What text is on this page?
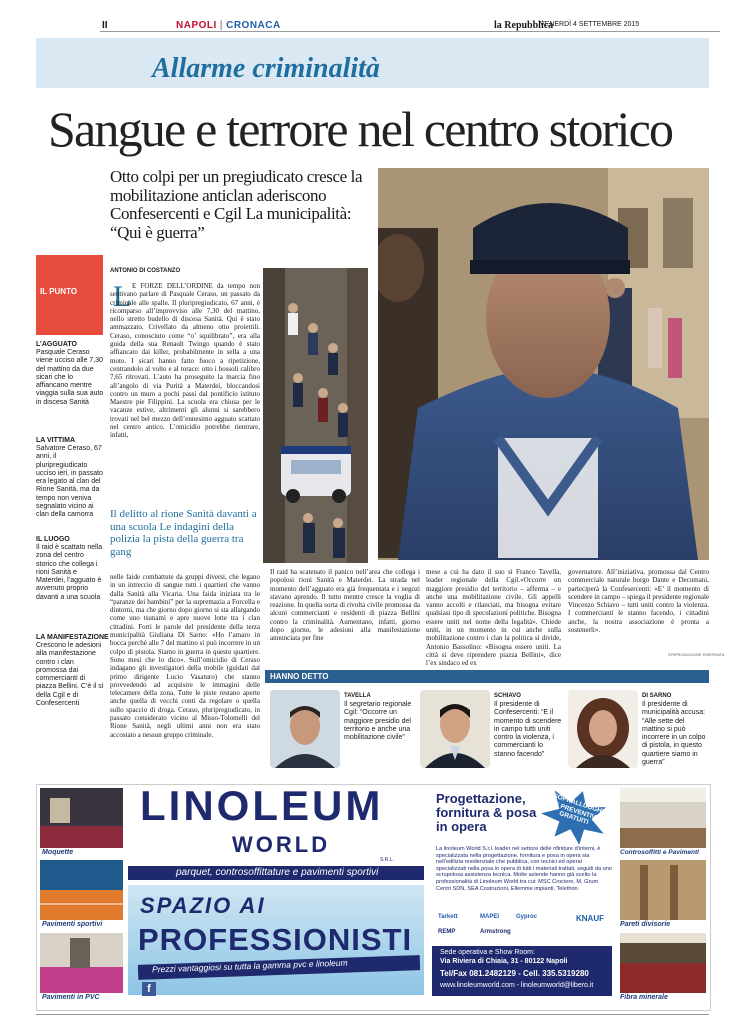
II	NAPOLI | CRONACA	la Repubblica
VENERDÌ 4 SETTEMBRE 2015
Allarme criminalità
Sangue e terrore nel centro storico
Otto colpi per un pregiudicato cresce la mobilitazione anticlan aderiscono Confesercenti e Cgil La municipalità: “Qui è guerra”
IL PUNTO
L’AGGUATO
Pasquale Ceraso viene ucciso alle 7,30 del mattino da due sicari che lo affiancano mentre viaggia sulla sua auto in discesa Sanità
LA VITTIMA
Salvatore Ceraso, 67 anni, il pluripregiudicato ucciso ieri, in passato era legato al clan del Rione Sanità, ma da tempo non veniva segnalato vicino ai clan della camorra
IL LUOGO
Il raid è scattato nella zona del centro storico che collega i rioni Sanità e Materdei, l’agguato è avvenuto proprio davanti a una scuola
LA MANIFESTAZIONE
Crescono le adesioni alla manifestazione contro i clan promossa dai commercianti di piazza Bellini. C’è il sì della Cgil e di Confesercenti
ANTONIO DI COSTANZO
L E FORZE DELL’ORDINE da tempo non sentivano parlare di Pasquale Ceraso, un passato da criminale alle spalle. Il pluripregiudicato, 67 anni, è ricomparso all’improvviso alle 7,30 del mattino, nello stretto budello di discesa Sanità. Qui è stato ammazzato. Crivellato da almeno otto proiettili. Ceraso, conosciuto come “o’ squilibrato”, era alla guida della sua Renault Twingo quando è stato affiancato dai killer, probabilmente in sella a una moto. I sicari hanno fatto fuoco a ripetizione, centrandolo al volto e al torace: otto i bossoli calibro 7,65 ritrovati. L’auto ha proseguito la marcia fino all’angolo di via Purità a Materdei, bloccandosi contro un muro a pochi passi dal pontificio istituto Maestre pie Filippini. La scuola era chiusa per le vacanze estive, altrimenti gli alunni si sarebbero trovati nel bel mezzo dell’ennesimo agguato scattato nel centro antico. L’omicidio potrebbe rientrare, infatti,
Il delitto al rione Sanità davanti a una scuola Le indagini della polizia la pista della guerra tra gang
nelle faide combattute da gruppi diversi, che legano in un intreccio di sangue tutti i quartieri che vanno dalla Sanità alla Vicaria. Una faida iniziata tra le “paranze dei bambini” per la supremazia a Forcella e dintorni, ma che giorno dopo giorno si sta allargando come uno tsunami e apre nuove lotte tra i clan cittadini. Forti le parole del presidente della terza municipalità Giuliana Di Sarno: «Ho l’amaro in bocca perché alle 7 del mattino si può incorrere in un colpo di pistola. Siamo in guerra in questo quartiere. Sono mesi che lo dico». Sull’omicidio di Ceraso indagano gli investigatori della mobile (guidati dal primo dirigente Lucio Vasaturo) che stanno provvedendo ad acquisire le immagini delle telecamere della zona. Tutte le piste restano aperte anche quella di vecchi conti da regolare o quella sullo spaccio di droga. Ceraso, pluripregiudicato, in passato considerato vicino al Misso-Tolomelli del Rione Sanità, negli ultimi anni non era stato accostato a nessun gruppo criminale.
Il raid ha scatenato il panico nell’area che collega i popolosi rioni Sanità e Materdei. La strada nel momento dell’agguato era già frequentata e i negozi stavano aprendo. Il tutto mentre cresce la voglia di reazione. In quella sorta di rivolta civile promossa da alcuni commercianti e residenti di piazza Bellini contro la criminalità. Aumentano, infatti, giorno dopo giorno, le adesioni alla manifestazione annunciata per fine
mese a cui ha dato il suo sì Franco Tavella, leader regionale della Cgil.«Occorre un maggiore presidio del territorio – afferma – e anche una mobilitazione civile. Gli appelli vanno accolti e rilanciati, ma bisogna evitare qualsiasi tipo di speculazioni politiche. Bisogna essere uniti nel nome della legalità». Chiede uniti, in un momento in cui anche sulla mobilitazione contro i clan la politica si divide, Antonio Bassolino: «Bisogna essere uniti. La città si deve riprendere piazza Bellini», dice l’ex sindaco ed ex
governatore. All’iniziativa, promossa dal Centro commerciale naturale borgo Dante e Decumani, parteciperà la Confesercenti: «E’ il momento di scendere in campo – spiega il presidente regionale Vincenzo Schiavo – tutti uniti contro la violenza. I commercianti le stanno facendo, i cittadini anche, la nostra associazione è pronta a sostenerli».
©RIPRODUZIONE RISERVATA
HANNO DETTO
TAVELLA
Il segretario regionale Cgil: “Occorre un maggiore presidio del territorio e anche una mobilitazione civile”
SCHIAVO
Il presidente di Confesercenti: “E il momento di scendere in campo tutti uniti contro la violenza, i commercianti lo stanno facendo”
DI SARNO
Il presidente di municipalità accusa: “Alle sette del mattino si può incorrere in un colpo di pistola, in questo quartiere siamo in guerra”
Moquette
Pavimenti sportivi
Pavimenti in PVC
LINOLEUM
WORLD
S.R.L.
parquet, controsoffittature e pavimenti sportivi
SPAZIO AI
PROFESSIONISTI
Prezzi vantaggiosi su tutta la gamma pvc e linoleum
f
Progettazione, fornitura & posa in opera
SOPRALLUOGHI E PREVENTIVI GRATUITI
La linoleum World S.r.l. leader nel settore delle rifiniture d’interni, è specializzata nella progettazione, fornitura e posa in opera sia nell’edilizia residenziale che pubblica, con tecnici ed operai specializzati nella posa in opera di tutti i materiali trattati, seguiti da uno scrupolosa assistenza tecnica. Molte aziende hanno già scelto la professionalità di Linoleum World tra cui: MSC Crociere, M. Grum Centri SDN, SEA Costruzioni, Ellemme impianti, Telethon.
Tarkett	MAPEI	Gyproc	KNAUF
REMP	Armstrong
Sede operativa e Show Room:
Via Riviera di Chiaia, 31 - 80122 Napoli
Tel/Fax 081.2482129 - Cell. 335.5319280
www.linoleumworld.com - linoleumworld@libero.it
Controsoffitti e Pavimenti
Pareti divisorie
Fibra minerale
